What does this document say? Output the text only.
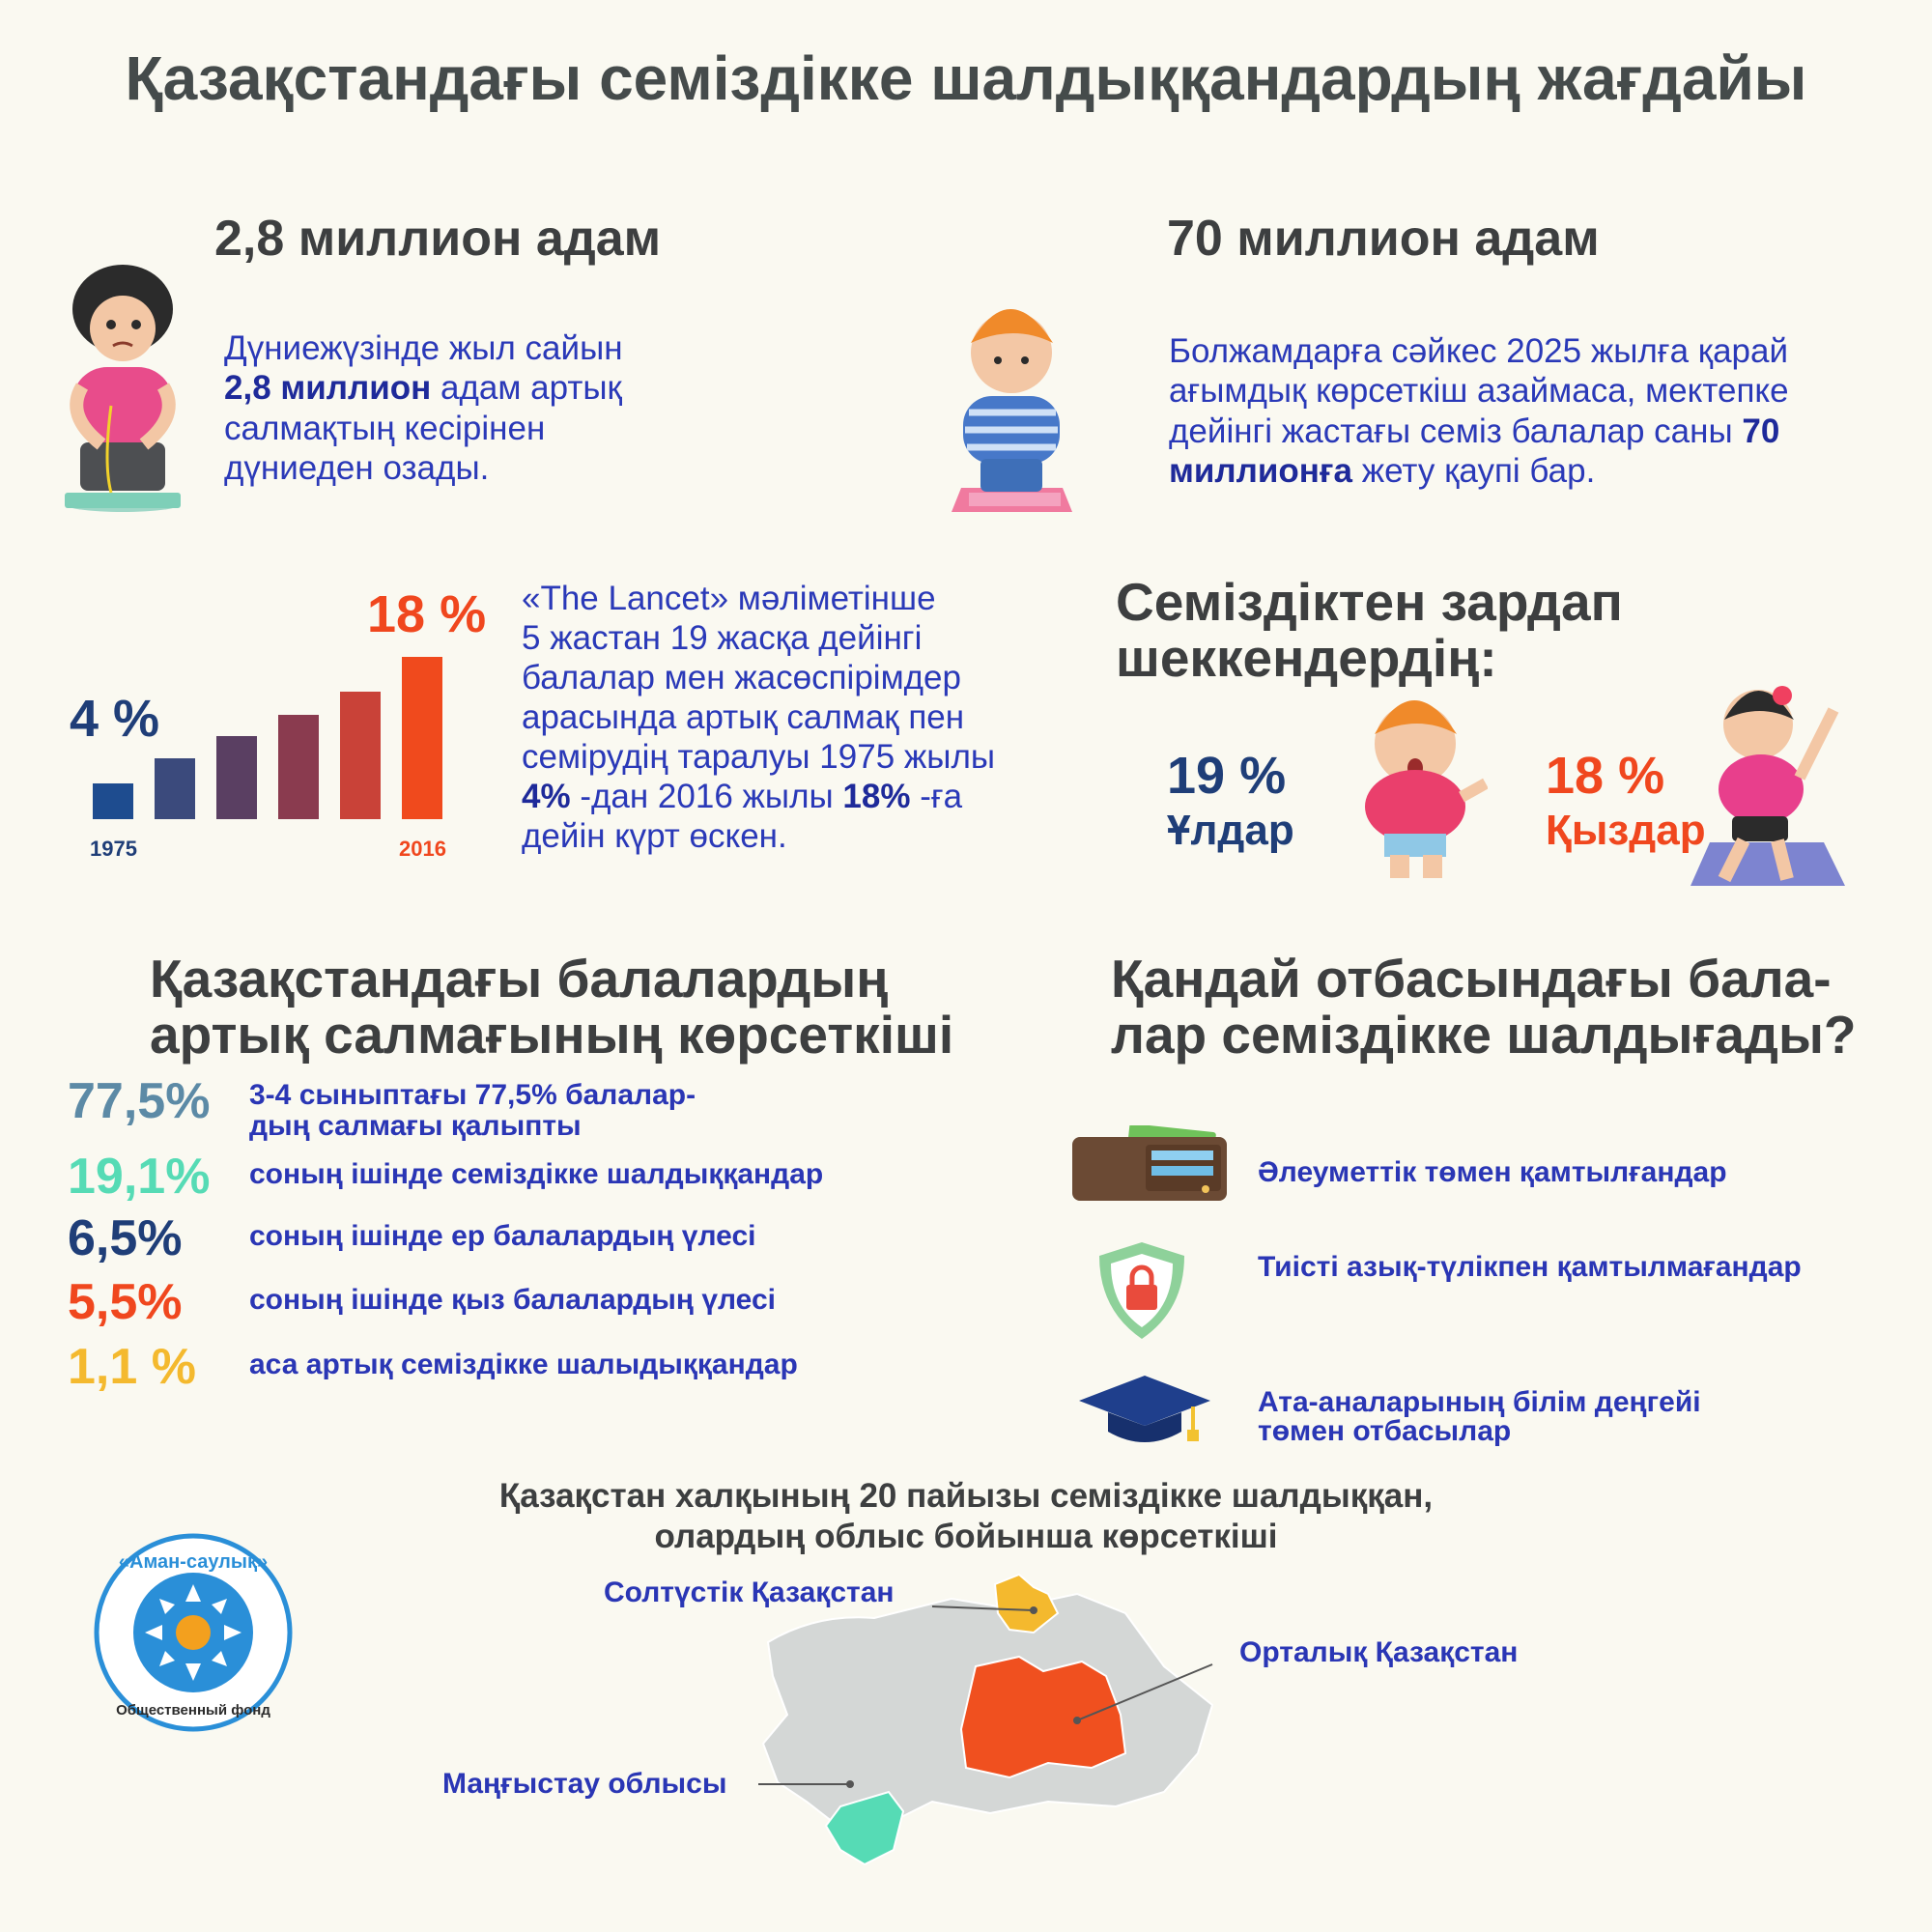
Қазақстандағы семіздікке шалдыққандардың жағдайы
2,8 миллион адам
Дүниежүзінде жыл сайын
2,8 миллион адам артық салмақтың кесірінен дүниеден озады.
70 миллион адам
Болжамдарға сәйкес 2025 жылға қарай ағымдық көрсеткіш азаймаса, мектепке дейінгі жастағы семіз балалар саны 70 миллионға жету қаупі бар.
18 %
4 %
1975	2016
«The Lancet» мәліметінше
5 жастан 19 жасқа дейінгі
балалар мен жасөспірімдер
арасында артық салмақ пен
семірудің таралуы 1975 жылы
4% -дан 2016 жылы 18% -ға
дейін күрт өскен.
Семіздіктен зардап
шеккендердің:
19 %
Ұлдар
18 %
Қыздар
Қазақстандағы балалардың
артық салмағының көрсеткіші
77,5% 3-4 сыныптағы 77,5% балалар-
дың салмағы қалыпты
19,1% соның ішінде семіздікке шалдыққандар
6,5% соның ішінде ер балалардың үлесі
5,5% соның ішінде қыз балалардың үлесі
1,1 % аса артық семіздікке шалыдыққандар
Қандай отбасындағы бала-
лар семіздікке шалдығады?
Әлеуметтік төмен қамтылғандар
Тиісті азық-түлікпен қамтылмағандар
Ата-аналарының білім деңгейі
төмен отбасылар
Қазақстан халқының 20 пайызы семіздікке шалдыққан,
олардың облыс бойынша көрсеткіші
«Аман-саулық»
Общественный фонд
Солтүстік Қазақстан
Орталық Қазақстан
Маңғыстау облысы
